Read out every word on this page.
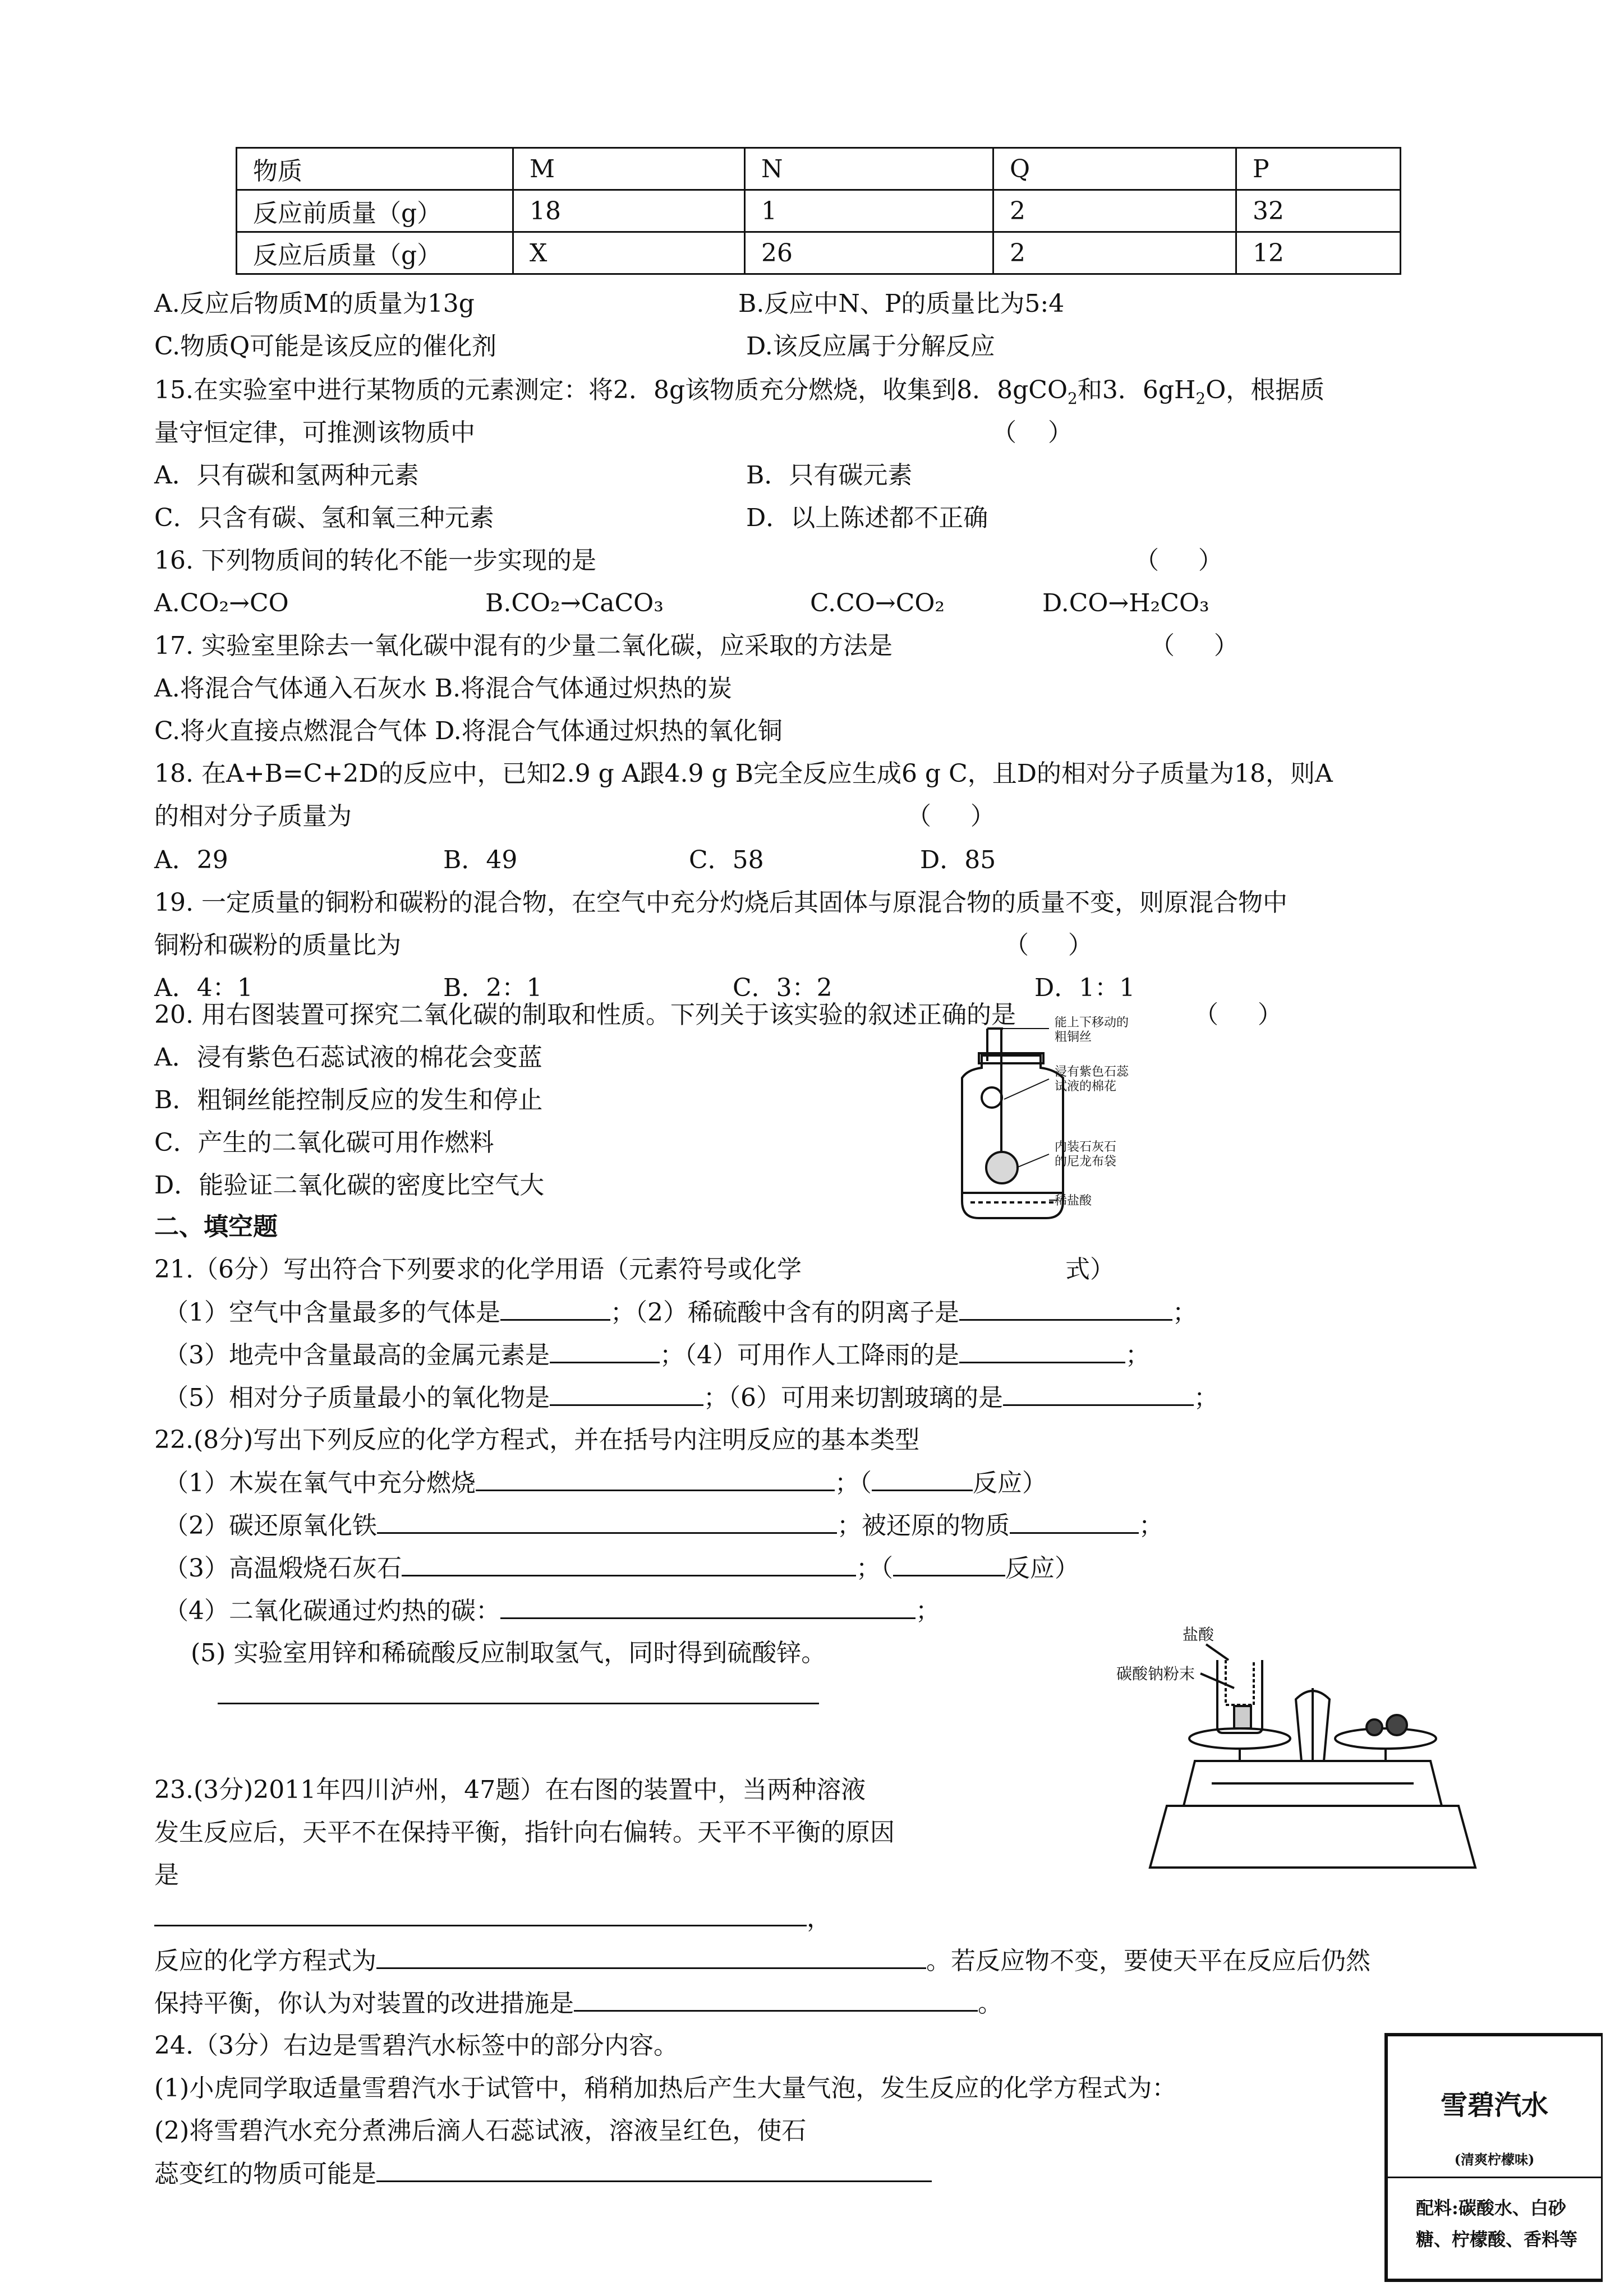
物质	M	N	Q	P
反应前质量（g）	18	1	2	32
反应后质量（g）	X	26	2	12
A.反应后物质M的质量为13g	B.反应中N、P的质量比为5:4
C.物质Q可能是该反应的催化剂	D.该反应属于分解反应
15.在实验室中进行某物质的元素测定：将2．8g该物质充分燃烧，收集到8．8gCO$_2$和3．$6gH_2O$，根据质
量守恒定律，可推测该物质中	（    ）
A．只有碳和氢两种元素	B．只有碳元素
C．只含有碳、氢和氧三种元素	D．以上陈述都不正确
16. 下列物质间的转化不能一步实现的是	（     ）
A.CO₂→CO	B.CO₂→CaCO₃	C.CO→CO₂	D.CO→H₂CO₃
17. 实验室里除去一氧化碳中混有的少量二氧化碳，应采取的方法是	（     ）
A.将混合气体通入石灰水 B.将混合气体通过炽热的炭
C.将火直接点燃混合气体 D.将混合气体通过炽热的氧化铜
18. 在A+B=C+2D的反应中，已知2.9 g A跟4.9 g B完全反应生成6 g C，且D的相对分子质量为18，则A
的相对分子质量为	（     ）
A．29	B．49	C．58	D．85
19. 一定质量的铜粉和碳粉的混合物，在空气中充分灼烧后其固体与原混合物的质量不变，则原混合物中
铜粉和碳粉的质量比为	（     ）
A．4：1	B．2：1	C．3：2	D．1：1
20. 用右图装置可探究二氧化碳的制取和性质。下列关于该实验的叙述正确的是	（     ）
A．浸有紫色石蕊试液的棉花会变蓝
B．粗铜丝能控制反应的发生和停止
C．产生的二氧化碳可用作燃料
D．能验证二氧化碳的密度比空气大
能上下移动的
粗铜丝
浸有紫色石蕊
试液的棉花
内装石灰石
的尼龙布袋
稀盐酸
二、填空题
21.（6分）写出符合下列要求的化学用语（元素符号或化学	式）
（1）空气中含量最多的气体是	；（2）稀硫酸中含有的阴离子是	；
（3）地壳中含量最高的金属元素是	；（4）可用作人工降雨的是	；
（5）相对分子质量最小的氧化物是	；（6）可用来切割玻璃的是	；
22.(8分)写出下列反应的化学方程式，并在括号内注明反应的基本类型
（1）木炭在氧气中充分燃烧	；（	反应）
（2）碳还原氧化铁	；被还原的物质	；
（3）高温煅烧石灰石	；（	反应）
（4）二氧化碳通过灼热的碳：	；
(5) 实验室用锌和稀硫酸反应制取氢气，同时得到硫酸锌。
盐酸
碳酸钠粉末
23.(3分)2011年四川泸州，47题）在右图的装置中，当两种溶液
发生反应后，天平不在保持平衡，指针向右偏转。天平不平衡的原因
是
，
反应的化学方程式为	。若反应物不变，要使天平在反应后仍然
保持平衡，你认为对装置的改进措施是	。
24.（3分）右边是雪碧汽水标签中的部分内容。
(1)小虎同学取适量雪碧汽水于试管中，稍稍加热后产生大量气泡，发生反应的化学方程式为：
(2)将雪碧汽水充分煮沸后滴人石蕊试液，溶液呈红色，使石
蕊变红的物质可能是
雪碧汽水
(清爽柠檬味)
配料:碳酸水、白砂糖、柠檬酸、香料等
